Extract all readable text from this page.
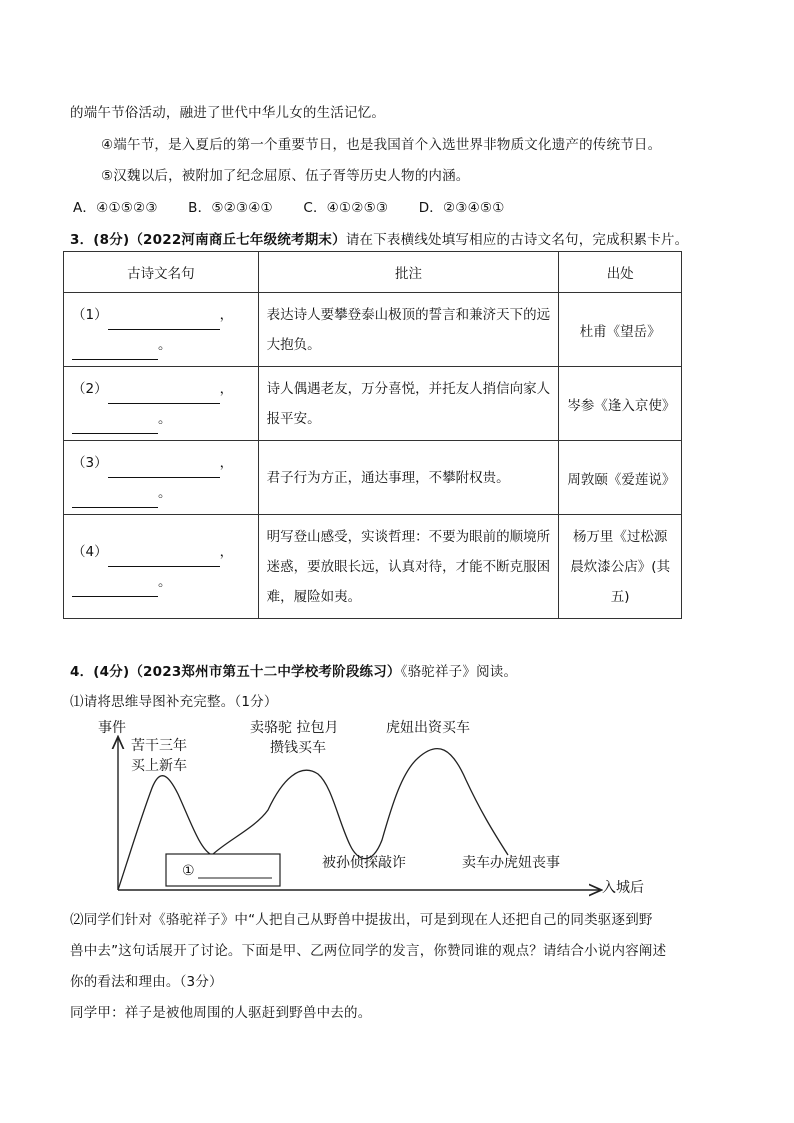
的端午节俗活动，融进了世代中华儿女的生活记忆。
④端午节，是入夏后的第一个重要节日，也是我国首个入选世界非物质文化遗产的传统节日。
⑤汉魏以后，被附加了纪念屈原、伍子胥等历史人物的内涵。
A．④①⑤②③ B．⑤②③④① C．④①②⑤③ D．②③④⑤①
3．(8分)（2022河南商丘七年级统考期末）请在下表横线处填写相应的古诗文名句，完成积累卡片。
古诗文名句	批注	出处

（1） ，
。	表达诗人要攀登泰山极顶的誓言和兼济天下的远大抱负。	杜甫《望岳》

（2） ，
。	诗人偶遇老友，万分喜悦，并托友人捎信向家人报平安。	岑参《逢入京使》

（3） ，
。	君子行为方正，通达事理，不攀附权贵。	周敦颐《爱莲说》

（4） ，
。	明写登山感受，实谈哲理：不要为眼前的顺境所迷惑，要放眼长远，认真对待，才能不断克服困难，履险如夷。	杨万里《过松源晨炊漆公店》(其五)
4．(4分)（2023郑州市第五十二中学校考阶段练习）《骆驼祥子》阅读。
⑴请将思维导图补充完整。（1分）
事件
入城后
苦干三年
买上新车
卖骆驼 拉包月
攒钱买车
虎妞出资买车
被孙侦探敲诈	卖车办虎妞丧事
①
⑵同学们针对《骆驼祥子》中“人把自己从野兽中提拔出，可是到现在人还把自己的同类驱逐到野
兽中去”这句话展开了讨论。下面是甲、乙两位同学的发言，你赞同谁的观点？请结合小说内容阐述
你的看法和理由。（3分）
同学甲：祥子是被他周围的人驱赶到野兽中去的。
